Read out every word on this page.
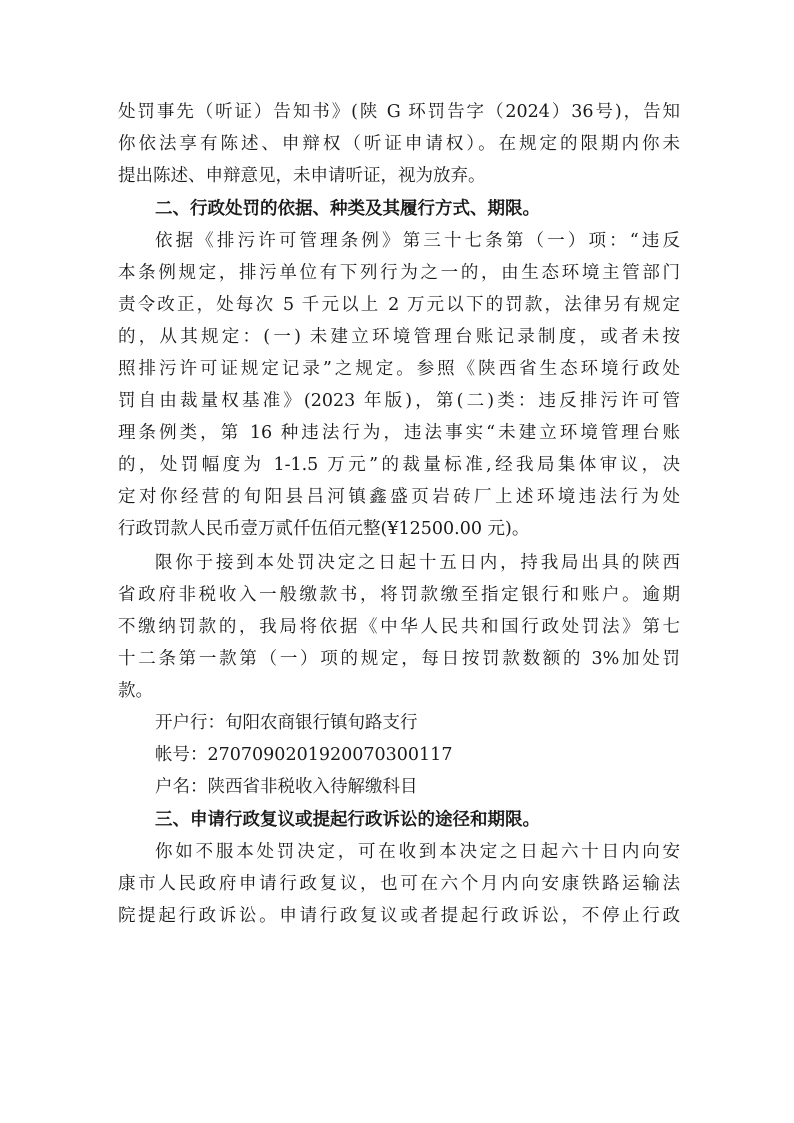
处罚事先（听证）告知书》(陕 G 环罚告字（2024）36号)，告知
你依法享有陈述、申辩权（听证申请权）。在规定的限期内你未
提出陈述、申辩意见，未申请听证，视为放弃。
二、行政处罚的依据、种类及其履行方式、期限。
依据《排污许可管理条例》第三十七条第（一）项：“违反
本条例规定，排污单位有下列行为之一的，由生态环境主管部门
责令改正，处每次 5 千元以上 2 万元以下的罚款，法律另有规定
的，从其规定：(一) 未建立环境管理台账记录制度，或者未按
照排污许可证规定记录”之规定。参照《陕西省生态环境行政处
罚自由裁量权基准》(2023 年版)，第(二)类：违反排污许可管
理条例类，第 16 种违法行为，违法事实“未建立环境管理台账
的，处罚幅度为 1-1.5 万元”的裁量标准,经我局集体审议，决
定对你经营的旬阳县吕河镇鑫盛页岩砖厂上述环境违法行为处
行政罚款人民币壹万贰仟伍佰元整(¥12500.00 元)。
限你于接到本处罚决定之日起十五日内，持我局出具的陕西
省政府非税收入一般缴款书，将罚款缴至指定银行和账户。逾期
不缴纳罚款的，我局将依据《中华人民共和国行政处罚法》第七
十二条第一款第（一）项的规定，每日按罚款数额的 3%加处罚
款。
开户行：旬阳农商银行镇旬路支行
帐号：2707090201920070300117
户名：陕西省非税收入待解缴科目
三、申请行政复议或提起行政诉讼的途径和期限。
你如不服本处罚决定，可在收到本决定之日起六十日内向安
康市人民政府申请行政复议，也可在六个月内向安康铁路运输法
院提起行政诉讼。申请行政复议或者提起行政诉讼，不停止行政
